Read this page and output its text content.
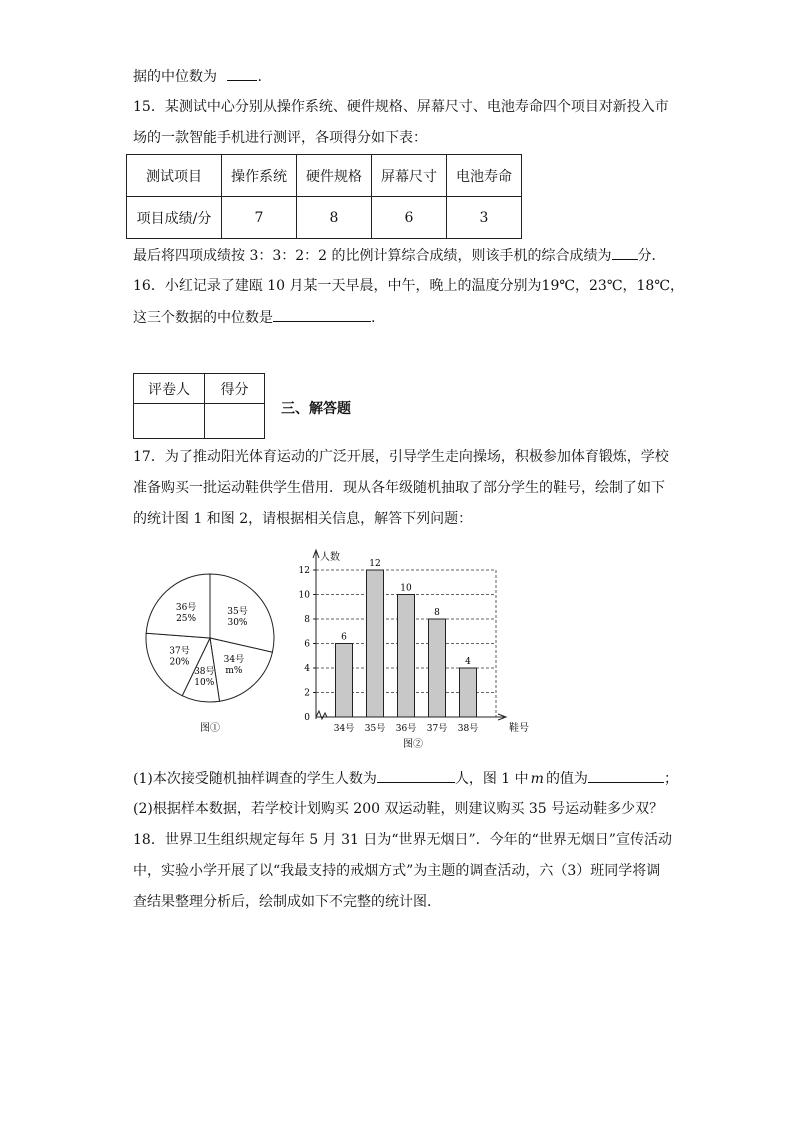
据的中位数为	.
15．某测试中心分别从操作系统、硬件规格、屏幕尺寸、电池寿命四个项目对新投入市
场的一款智能手机进行测评，各项得分如下表：
测试项目	操作系统	硬件规格	屏幕尺寸	电池寿命
项目成绩/分	7	8	6	3
最后将四项成绩按 3：3：2：2 的比例计算综合成绩，则该手机的综合成绩为 分．
16．小红记录了建瓯 10 月某一天早晨，中午，晚上的温度分别为19℃，23℃，18℃，
这三个数据的中位数是	.
评卷人	得分

三、解答题
17．为了推动阳光体育运动的广泛开展，引导学生走向操场，积极参加体育锻炼，学校
准备购买一批运动鞋供学生借用．现从各年级随机抽取了部分学生的鞋号，绘制了如下
的统计图 1 和图 2，请根据相关信息，解答下列问题：
35号
30%
34号
m%
38号
10%
37号
20%
36号
25%
图①
0
2
4
6
8
10
12
人数
鞋号
6
34号
12
35号
10
36号
8
37号
4
38号
图②
(1)本次接受随机抽样调查的学生人数为	人，图 1 中 m 的值为	；
(2)根据样本数据，若学校计划购买 200 双运动鞋，则建议购买 35 号运动鞋多少双？
18．世界卫生组织规定每年 5 月 31 日为“世界无烟日”．今年的“世界无烟日”宣传活动
中，实验小学开展了以“我最支持的戒烟方式”为主题的调查活动，六（3）班同学将调
查结果整理分析后，绘制成如下不完整的统计图．
